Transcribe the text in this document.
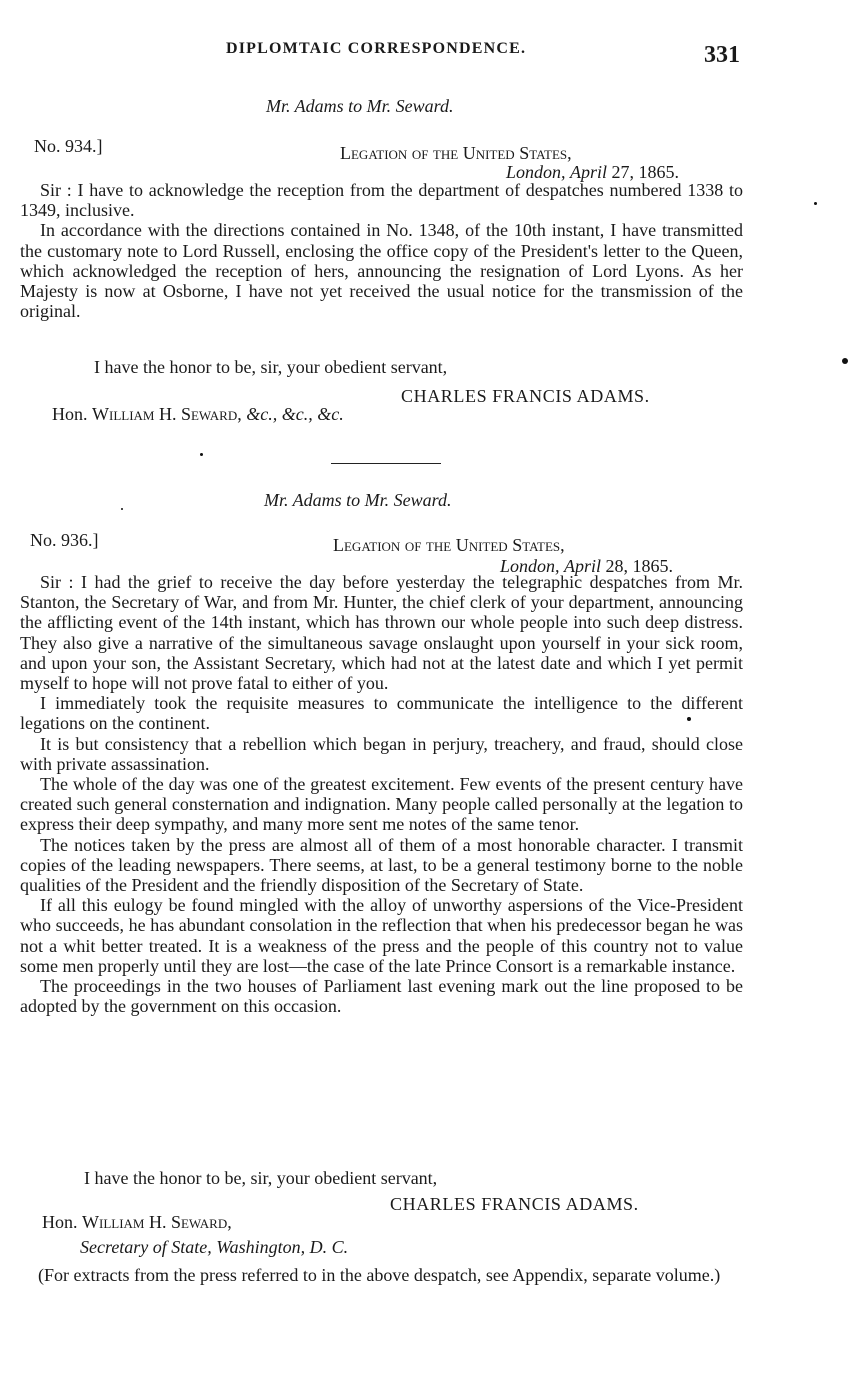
DIPLOMTAIC CORRESPONDENCE.	331
Mr. Adams to Mr. Seward.
No. 934.]	Legation of the United States,
London, April 27, 1865.

Sir : I have to acknowledge the reception from the department of despatches numbered 1338 to 1349, inclusive.

In accordance with the directions contained in No. 1348, of the 10th instant, I have transmitted the customary note to Lord Russell, enclosing the office copy of the President's letter to the Queen, which acknowledged the reception of hers, announcing the resignation of Lord Lyons. As her Majesty is now at Osborne, I have not yet received the usual notice for the transmission of the original.

I have the honor to be, sir, your obedient servant,
CHARLES FRANCIS ADAMS.
Hon. William H. Seward, &c., &c., &c.
Mr. Adams to Mr. Seward.
No. 936.]	Legation of the United States,
London, April 28, 1865.

Sir : I had the grief to receive the day before yesterday the telegraphic despatches from Mr. Stanton, the Secretary of War, and from Mr. Hunter, the chief clerk of your department, announcing the afflicting event of the 14th instant, which has thrown our whole people into such deep distress. They also give a narrative of the simultaneous savage onslaught upon yourself in your sick room, and upon your son, the Assistant Secretary, which had not at the latest date and which I yet permit myself to hope will not prove fatal to either of you.

I immediately took the requisite measures to communicate the intelligence to the different legations on the continent.

It is but consistency that a rebellion which began in perjury, treachery, and fraud, should close with private assassination.

The whole of the day was one of the greatest excitement. Few events of the present century have created such general consternation and indignation. Many people called personally at the legation to express their deep sympathy, and many more sent me notes of the same tenor.

The notices taken by the press are almost all of them of a most honorable character. I transmit copies of the leading newspapers. There seems, at last, to be a general testimony borne to the noble qualities of the President and the friendly disposition of the Secretary of State.

If all this eulogy be found mingled with the alloy of unworthy aspersions of the Vice-President who succeeds, he has abundant consolation in the reflection that when his predecessor began he was not a whit better treated. It is a weakness of the press and the people of this country not to value some men properly until they are lost—the case of the late Prince Consort is a remarkable instance.

The proceedings in the two houses of Parliament last evening mark out the line proposed to be adopted by the government on this occasion.

I have the honor to be, sir, your obedient servant,
CHARLES FRANCIS ADAMS.
Hon. William H. Seward,
Secretary of State, Washington, D. C.
(For extracts from the press referred to in the above despatch, see Appendix, separate volume.)
